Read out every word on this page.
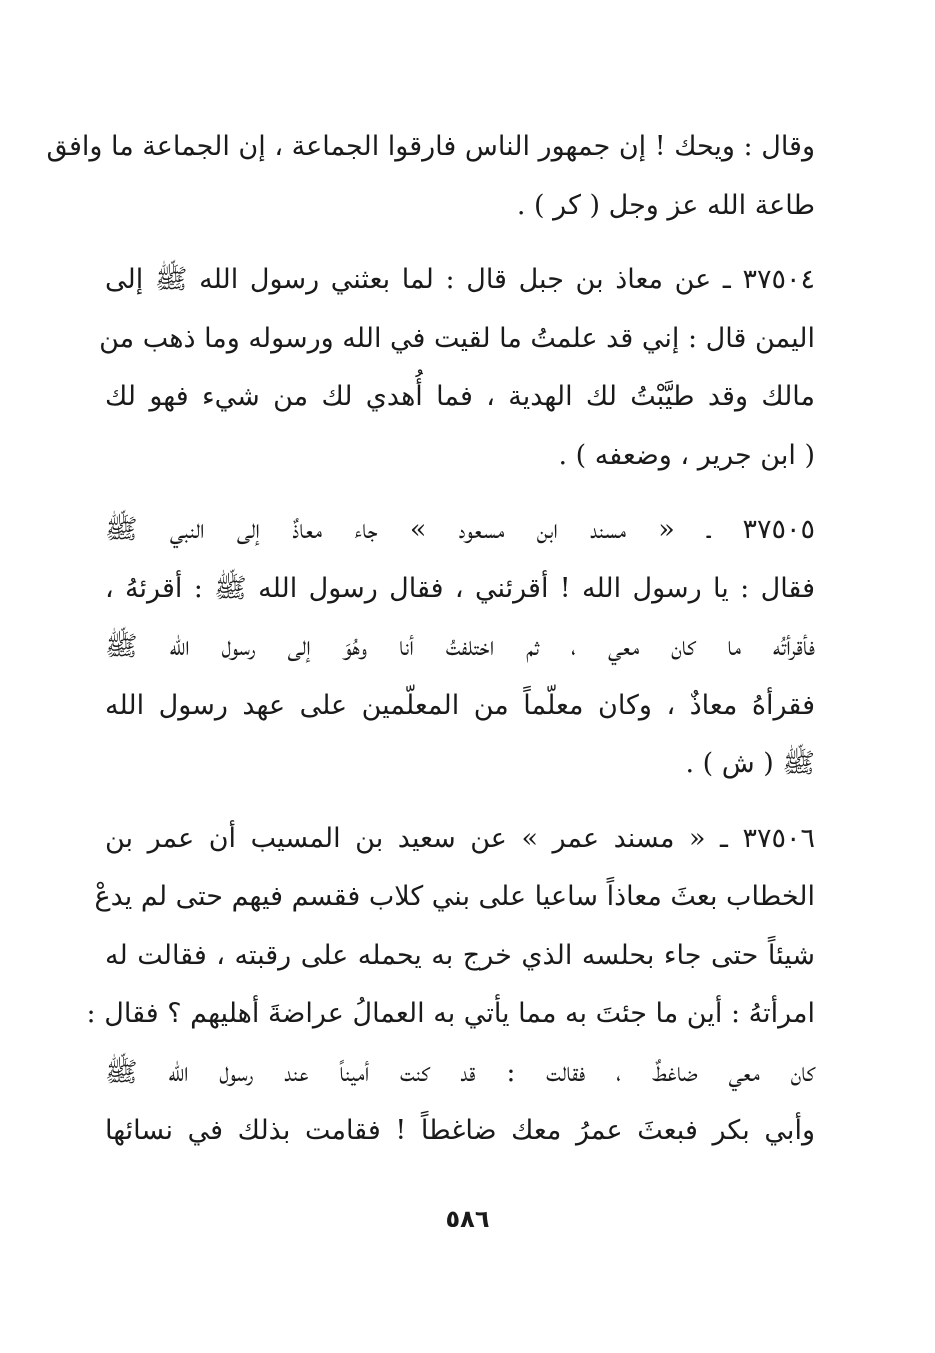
وقال : ويحك ! إن جمهور الناس فارقوا الجماعة ، إن الجماعة ما وافق
طاعة الله عز وجل ( كر ) .

٣٧٥٠٤ ـ عن معاذ بن جبل قال : لما بعثني رسول الله ﷺ إلى
اليمن قال : إني قد علمتُ ما لقيت في الله ورسوله وما ذهب من
مالك وقد طيَّبْتُ لك الهدية ، فما أُهدي لك من شيء فهو لك
( ابن جرير ، وضعفه ) .

٣٧٥٠٥ ـ « مسند ابن مسعود » جاء معاذٌ إلى النبي ﷺ
فقال : يا رسول الله ! أقرئني ، فقال رسول الله ﷺ : أقرئهُ ،
فأقرأتُه ما كان معي ، ثم اختلفتُ أنا وهُوَ إلى رسول الله ﷺ
فقرأهُ معاذٌ ، وكان معلّماً من المعلّمين على عهد رسول الله
ﷺ ( ش ) .

٣٧٥٠٦ ـ « مسند عمر » عن سعيد بن المسيب أن عمر بن
الخطاب بعثَ معاذاً ساعيا على بني كلاب فقسم فيهم حتى لم يدعْ
شيئاً حتى جاء بحلسه الذي خرج به يحمله على رقبته ، فقالت له
امرأتهُ : أين ما جئتَ به مما يأتي به العمالُ عراضةَ أهليهم ؟ فقال :
كان معي ضاغطٌ ، فقالت : قد كنت أميناً عند رسول الله ﷺ
وأبي بكر فبعثَ عمرُ معك ضاغطاً ! فقامت بذلك في نسائها

٥٨٦
